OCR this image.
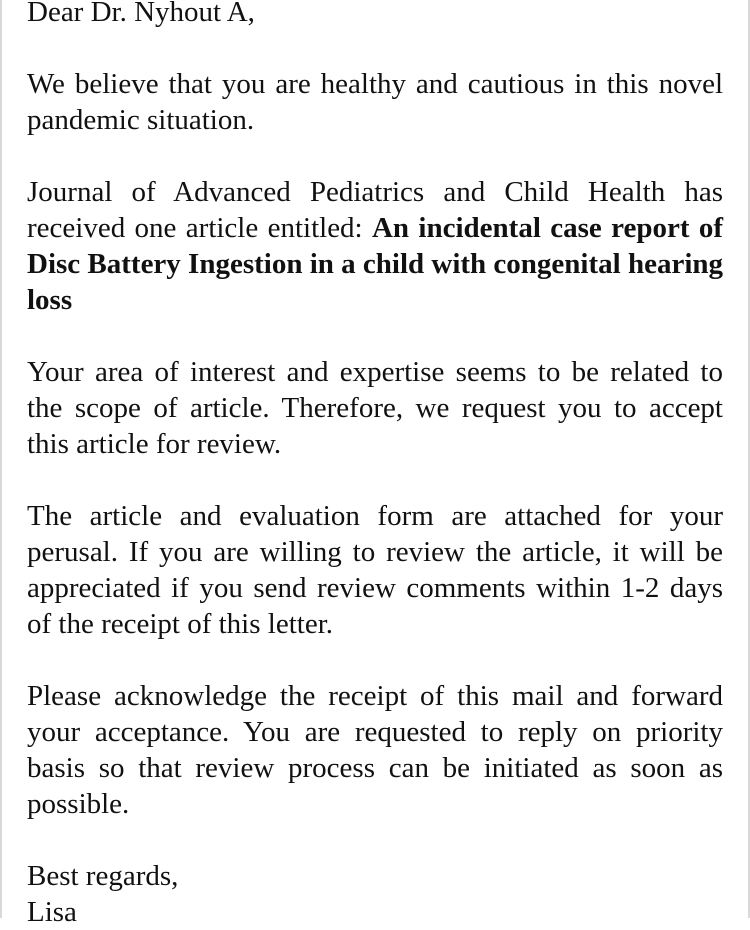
Dear Dr. Nyhout A,

We believe that you are healthy and cautious in this novel pandemic situation.

Journal of Advanced Pediatrics and Child Health has received one article entitled: An incidental case report of Disc Battery Ingestion in a child with congenital hearing loss

Your area of interest and expertise seems to be related to the scope of article. Therefore, we request you to accept this article for review.

The article and evaluation form are attached for your perusal. If you are willing to review the article, it will be appreciated if you send review comments within 1-2 days of the receipt of this letter.

Please acknowledge the receipt of this mail and forward your acceptance. You are requested to reply on priority basis so that review process can be initiated as soon as possible.

Best regards,
Lisa
